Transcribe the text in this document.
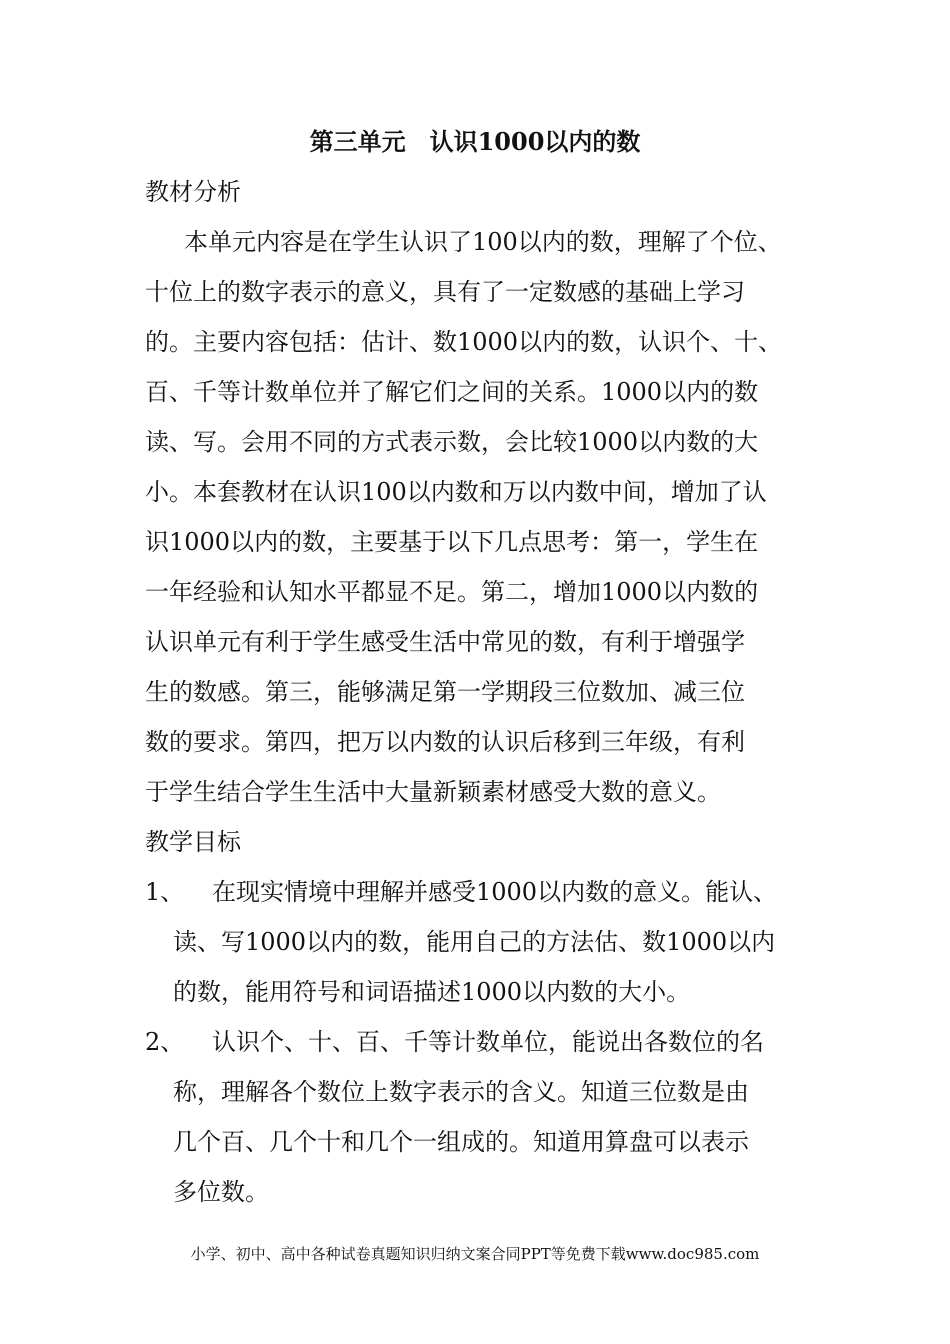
第三单元　认识1000以内的数
教材分析
本单元内容是在学生认识了100以内的数，理解了个位、
十位上的数字表示的意义，具有了一定数感的基础上学习
的。主要内容包括：估计、数1000以内的数，认识个、十、
百、千等计数单位并了解它们之间的关系。1000以内的数
读、写。会用不同的方式表示数，会比较1000以内数的大
小。本套教材在认识100以内数和万以内数中间，增加了认
识1000以内的数，主要基于以下几点思考：第一，学生在
一年经验和认知水平都显不足。第二，增加1000以内数的
认识单元有利于学生感受生活中常见的数，有利于增强学
生的数感。第三，能够满足第一学期段三位数加、减三位
数的要求。第四，把万以内数的认识后移到三年级，有利
于学生结合学生生活中大量新颖素材感受大数的意义。
教学目标
1、 在现实情境中理解并感受1000以内数的意义。能认、
读、写1000以内的数，能用自己的方法估、数1000以内
的数，能用符号和词语描述1000以内数的大小。
2、 认识个、十、百、千等计数单位，能说出各数位的名
称，理解各个数位上数字表示的含义。知道三位数是由
几个百、几个十和几个一组成的。知道用算盘可以表示
多位数。
小学、初中、高中各种试卷真题知识归纳文案合同PPT等免费下载www.doc985.com
